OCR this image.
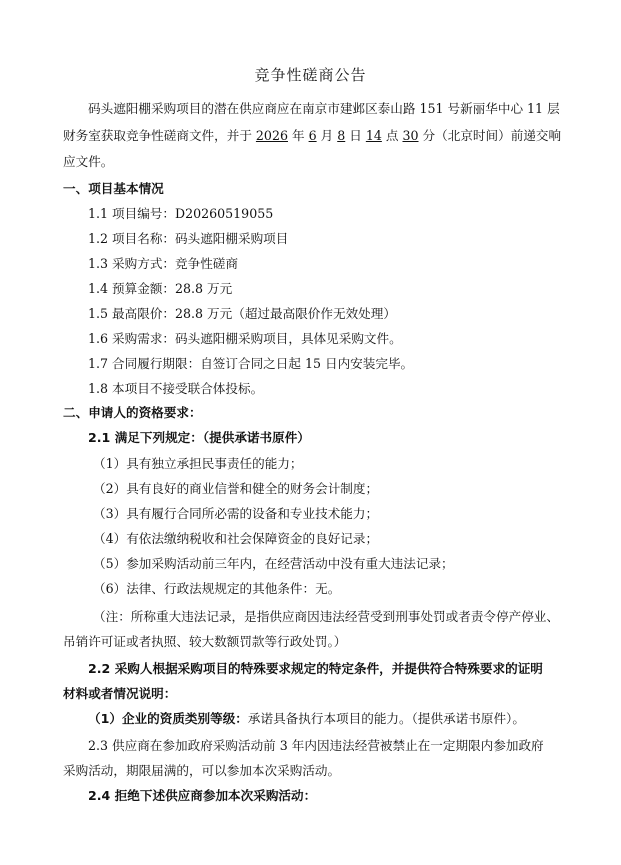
竞争性磋商公告
码头遮阳棚采购项目的潜在供应商应在南京市建邺区泰山路 151 号新丽华中心 11 层
财务室获取竞争性磋商文件，并于 2026 年 6 月 8 日 14 点 30 分（北京时间）前递交响
应文件。
一、项目基本情况
1.1 项目编号：D20260519055
1.2 项目名称：码头遮阳棚采购项目
1.3 采购方式：竞争性磋商
1.4 预算金额：28.8 万元
1.5 最高限价：28.8 万元（超过最高限价作无效处理）
1.6 采购需求：码头遮阳棚采购项目，具体见采购文件。
1.7 合同履行期限：自签订合同之日起 15 日内安装完毕。
1.8 本项目不接受联合体投标。
二、申请人的资格要求：
2.1 满足下列规定：（提供承诺书原件）
（1）具有独立承担民事责任的能力；
（2）具有良好的商业信誉和健全的财务会计制度；
（3）具有履行合同所必需的设备和专业技术能力；
（4）有依法缴纳税收和社会保障资金的良好记录；
（5）参加采购活动前三年内，在经营活动中没有重大违法记录；
（6）法律、行政法规规定的其他条件：无。
（注：所称重大违法记录，是指供应商因违法经营受到刑事处罚或者责令停产停业、
吊销许可证或者执照、较大数额罚款等行政处罚。）
2.2 采购人根据采购项目的特殊要求规定的特定条件，并提供符合特殊要求的证明
材料或者情况说明：
（1）企业的资质类别等级：承诺具备执行本项目的能力。（提供承诺书原件）。
2.3 供应商在参加政府采购活动前 3 年内因违法经营被禁止在一定期限内参加政府
采购活动，期限届满的，可以参加本次采购活动。
2.4 拒绝下述供应商参加本次采购活动：
